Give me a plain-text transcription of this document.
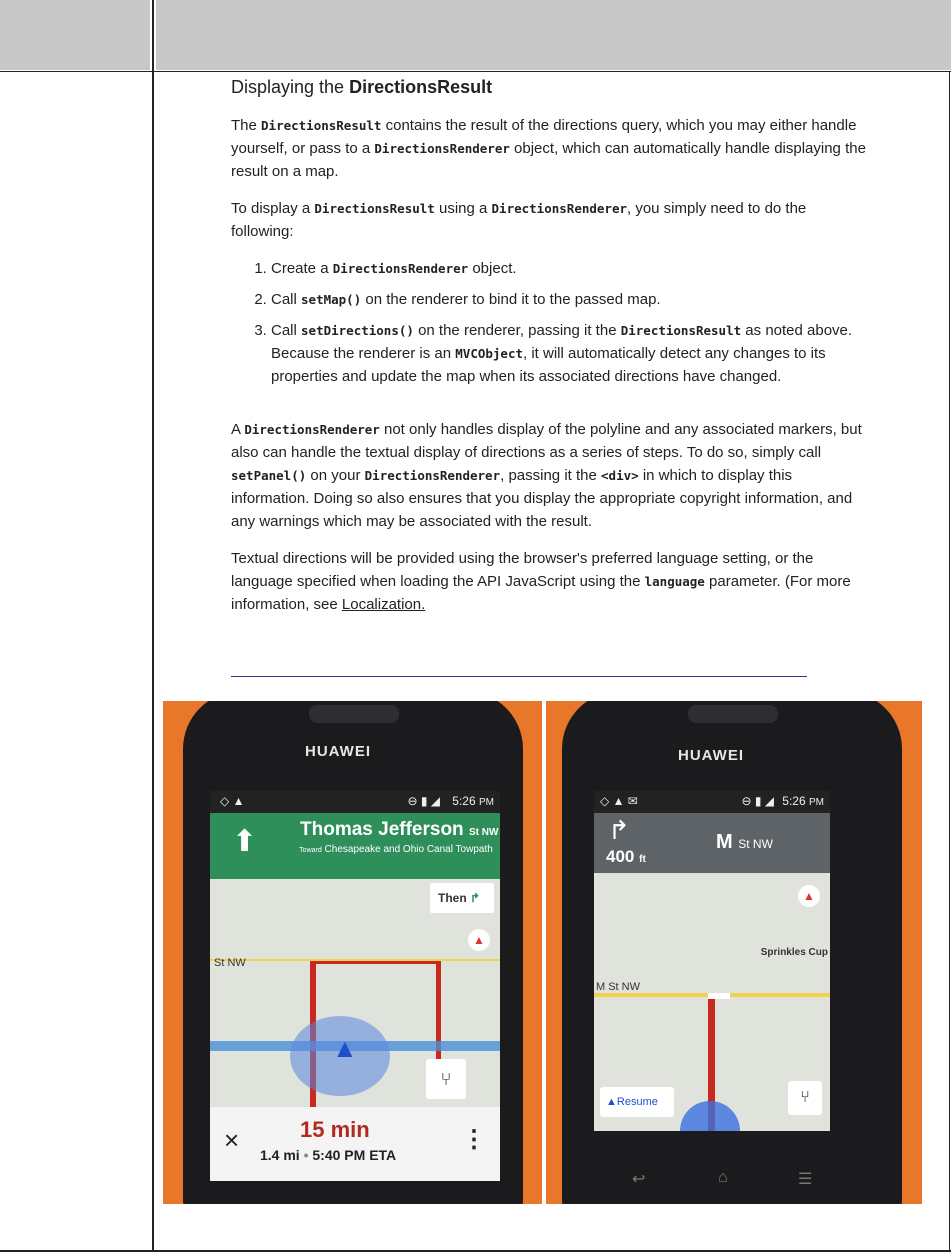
Displaying the DirectionsResult

The DirectionsResult contains the result of the directions query, which you may either handle yourself, or pass to a DirectionsRenderer object, which can automatically handle displaying the result on a map.

To display a DirectionsResult using a DirectionsRenderer, you simply need to do the following:

1. Create a DirectionsRenderer object.
2. Call setMap() on the renderer to bind it to the passed map.
3. Call setDirections() on the renderer, passing it the DirectionsResult as noted above. Because the renderer is an MVCObject, it will automatically detect any changes to its properties and update the map when its associated directions have changed.

A DirectionsRenderer not only handles display of the polyline and any associated markers, but also can handle the textual display of directions as a series of steps. To do so, simply call setPanel() on your DirectionsRenderer, passing it the <div> in which to display this information. Doing so also ensures that you display the appropriate copyright information, and any warnings which may be associated with the result.

Textual directions will be provided using the browser's preferred language setting, or the language specified when loading the API JavaScript using the language parameter. (For more information, see Localization.

HUAWEI
◇ ▲	⊖ ▮ ◢ 5:26 PM
⬆ Thomas Jefferson St NW
Toward Chesapeake and Ohio Canal Towpath
Then ↱
▲
St NW
▲
⑂
×	15 min
1.4 mi • 5:40 PM ETA
⋮
HUAWEI
◇ ▲ ✉	⊖ ▮ ◢ 5:26 PM
↱
400 ft
M St NW
▲
Sprinkles Cup
M St NW
▲Resume	⑂
↩	⌂	☰
